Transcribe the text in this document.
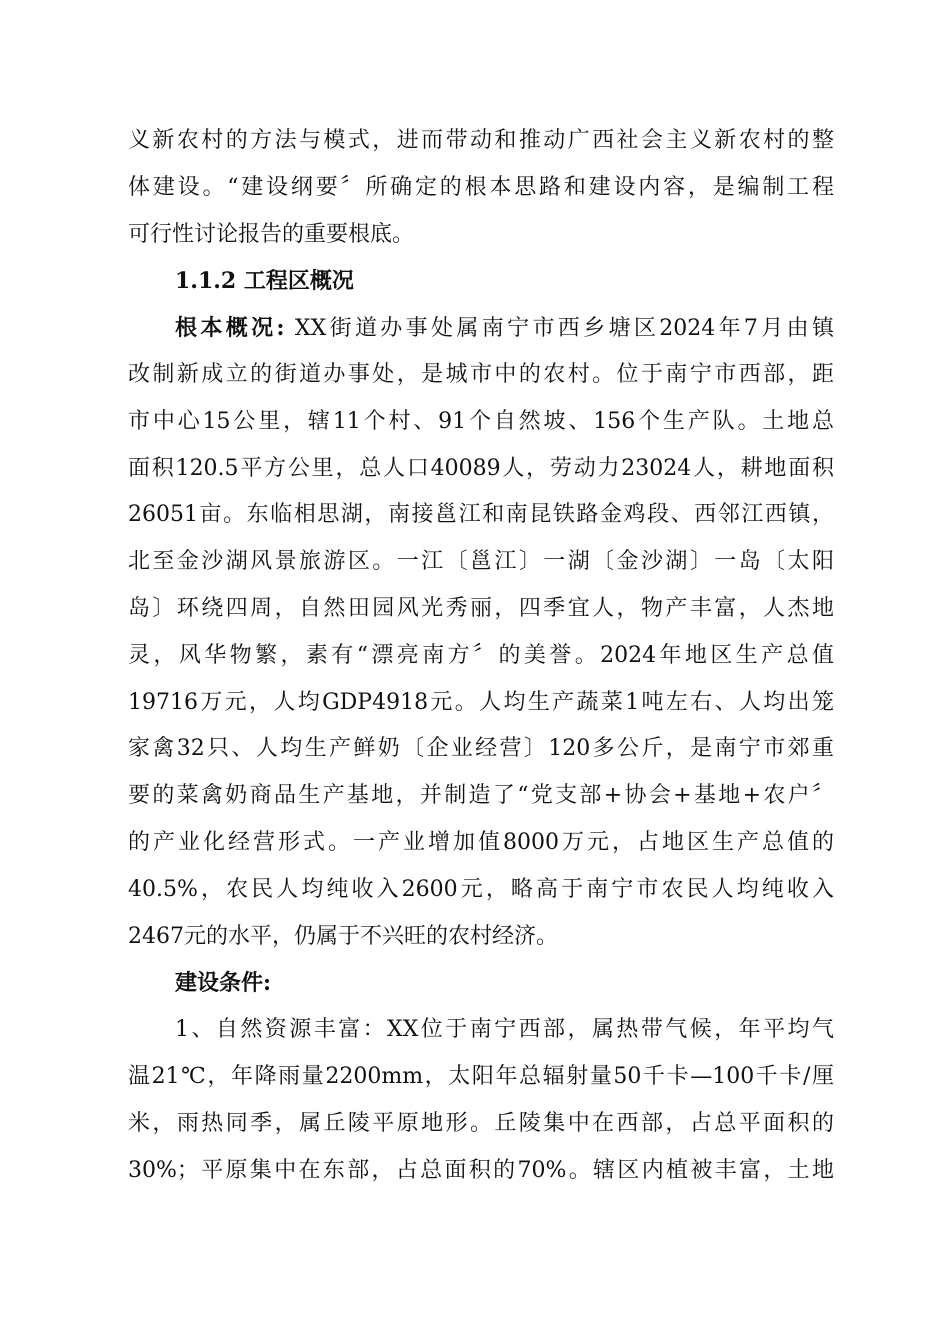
义新农村的方法与模式，进而带动和推动广西社会主义新农村的整
体建设。“建设纲要〞所确定的根本思路和建设内容，是编制工程
可行性讨论报告的重要根底。
1.1.2 工程区概况
根本概况: XX街道办事处属南宁市西乡塘区2024年7月由镇
改制新成立的街道办事处，是城市中的农村。位于南宁市西部，距
市中心15公里，辖11个村、91个自然坡、156个生产队。土地总
面积120.5平方公里，总人口40089人，劳动力23024人，耕地面积
26051亩。东临相思湖，南接邕江和南昆铁路金鸡段、西邻江西镇，
北至金沙湖风景旅游区。一江〔邕江〕一湖〔金沙湖〕一岛〔太阳
岛〕环绕四周，自然田园风光秀丽，四季宜人，物产丰富，人杰地
灵，风华物繁，素有“漂亮南方〞的美誉。2024年地区生产总值
19716万元，人均GDP4918元。人均生产蔬菜1吨左右、人均出笼
家禽32只、人均生产鲜奶〔企业经营〕120多公斤，是南宁市郊重
要的菜禽奶商品生产基地，并制造了“党支部+协会+基地+农户〞
的产业化经营形式。一产业增加值8000万元，占地区生产总值的
40.5%，农民人均纯收入2600元，略高于南宁市农民人均纯收入
2467元的水平，仍属于不兴旺的农村经济。
建设条件:
1、自然资源丰富：XX位于南宁西部，属热带气候，年平均气
温21℃，年降雨量2200mm，太阳年总辐射量50千卡—100千卡/厘
米，雨热同季，属丘陵平原地形。丘陵集中在西部，占总平面积的
30%；平原集中在东部，占总面积的70%。辖区内植被丰富，土地
